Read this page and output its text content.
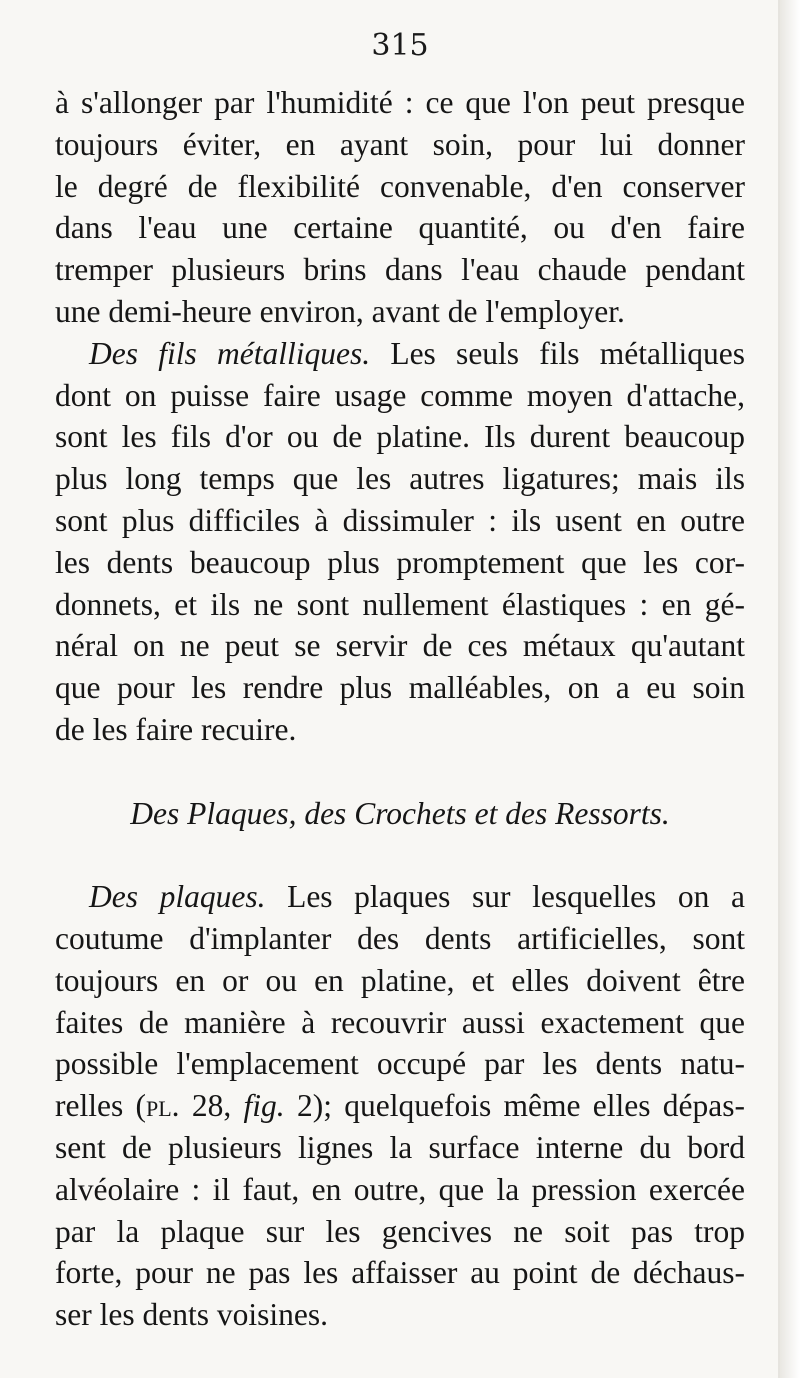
315
à s'allonger par l'humidité : ce que l'on peut presque
toujours éviter, en ayant soin, pour lui donner
le degré de flexibilité convenable, d'en conserver
dans l'eau une certaine quantité, ou d'en faire
tremper plusieurs brins dans l'eau chaude pendant
une demi-heure environ, avant de l'employer.
Des fils métalliques. Les seuls fils métalliques
dont on puisse faire usage comme moyen d'attache,
sont les fils d'or ou de platine. Ils durent beaucoup
plus long temps que les autres ligatures; mais ils
sont plus difficiles à dissimuler : ils usent en outre
les dents beaucoup plus promptement que les cor-
donnets, et ils ne sont nullement élastiques : en gé-
néral on ne peut se servir de ces métaux qu'autant
que pour les rendre plus malléables, on a eu soin
de les faire recuire.
Des Plaques, des Crochets et des Ressorts.
Des plaques. Les plaques sur lesquelles on a
coutume d'implanter des dents artificielles, sont
toujours en or ou en platine, et elles doivent être
faites de manière à recouvrir aussi exactement que
possible l'emplacement occupé par les dents natu-
relles (pl. 28, fig. 2); quelquefois même elles dépas-
sent de plusieurs lignes la surface interne du bord
alvéolaire : il faut, en outre, que la pression exercée
par la plaque sur les gencives ne soit pas trop
forte, pour ne pas les affaisser au point de déchaus-
ser les dents voisines.
